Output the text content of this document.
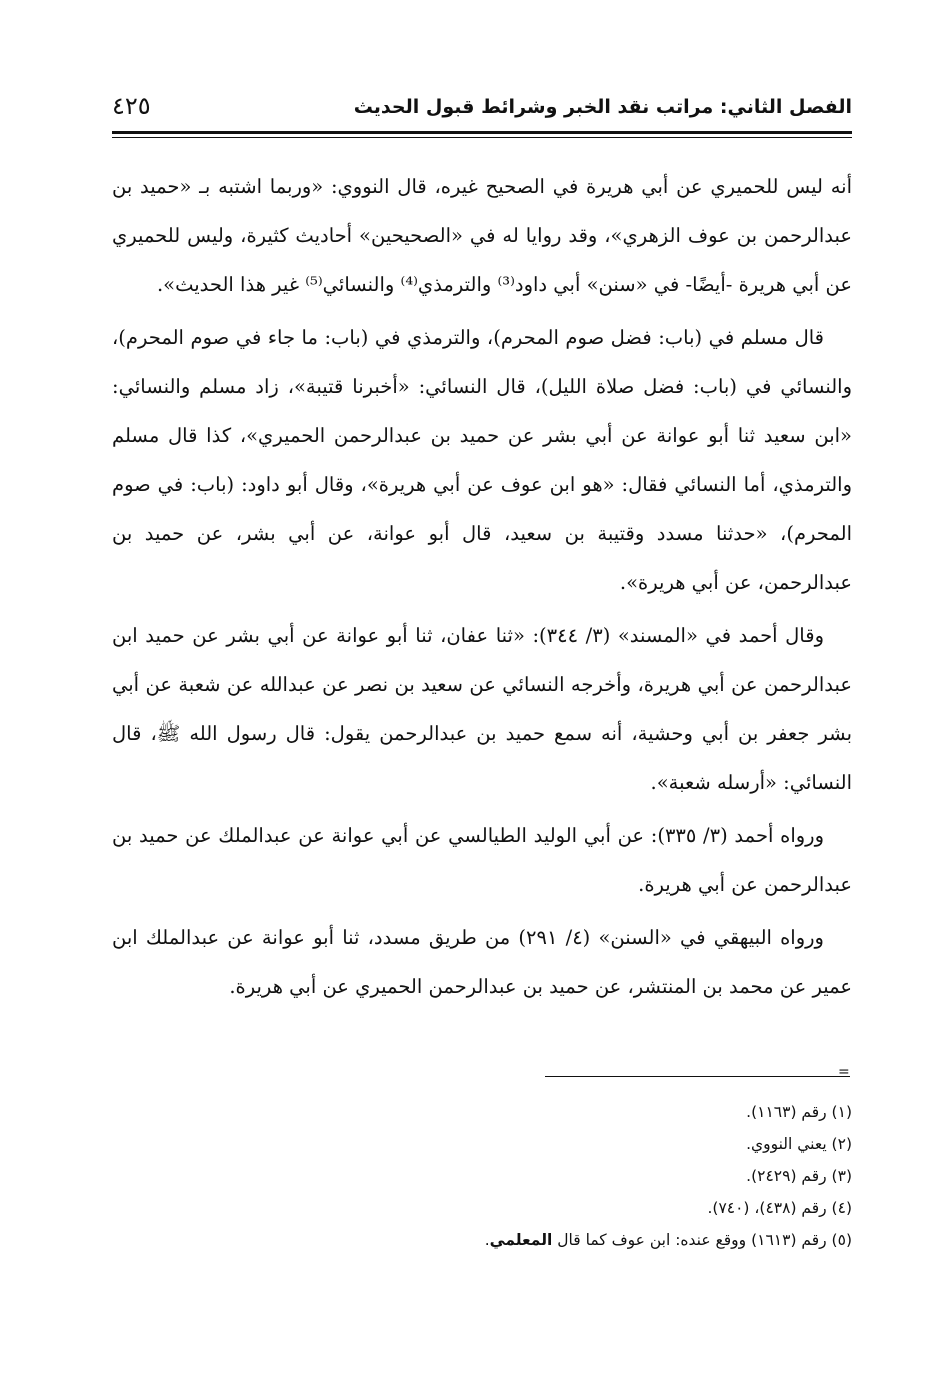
الفصل الثاني: مراتب نقد الخبر وشرائط قبول الحديث
٤٢٥

أنه ليس للحميري عن أبي هريرة في الصحيح غيره، قال النووي: «وربما اشتبه بـ «حميد بن عبدالرحمن بن عوف الزهري»، وقد روايا له في «الصحيحين» أحاديث كثيرة، وليس للحميري عن أبي هريرة -أيضًا- في «سنن» أبي داود⁽³⁾ والترمذي⁽⁴⁾ والنسائي⁽⁵⁾ غير هذا الحديث».

قال مسلم في (باب: فضل صوم المحرم)، والترمذي في (باب: ما جاء في صوم المحرم)، والنسائي في (باب: فضل صلاة الليل)، قال النسائي: «أخبرنا قتيبة»، زاد مسلم والنسائي: «ابن سعيد ثنا أبو عوانة عن أبي بشر عن حميد بن عبدالرحمن الحميري»، كذا قال مسلم والترمذي، أما النسائي فقال: «هو ابن عوف عن أبي هريرة»، وقال أبو داود: (باب: في صوم المحرم)، «حدثنا مسدد وقتيبة بن سعيد، قال أبو عوانة، عن أبي بشر، عن حميد بن عبدالرحمن، عن أبي هريرة».

وقال أحمد في «المسند» (٣/ ٣٤٤): «ثنا عفان، ثنا أبو عوانة عن أبي بشر عن حميد ابن عبدالرحمن عن أبي هريرة، وأخرجه النسائي عن سعيد بن نصر عن عبدالله عن شعبة عن أبي بشر جعفر بن أبي وحشية، أنه سمع حميد بن عبدالرحمن يقول: قال رسول الله ﷺ، قال النسائي: «أرسله شعبة».

ورواه أحمد (٣/ ٣٣٥): عن أبي الوليد الطيالسي عن أبي عوانة عن عبدالملك عن حميد بن عبدالرحمن عن أبي هريرة.

ورواه البيهقي في «السنن» (٤/ ٢٩١) من طريق مسدد، ثنا أبو عوانة عن عبدالملك ابن عمير عن محمد بن المنتشر، عن حميد بن عبدالرحمن الحميري عن أبي هريرة.

=
(١) رقم (١١٦٣).
(٢) يعني النووي.
(٣) رقم (٢٤٢٩).
(٤) رقم (٤٣٨)، (٧٤٠).
(٥) رقم (١٦١٣) ووقع عنده: ابن عوف كما قال المعلمي.
